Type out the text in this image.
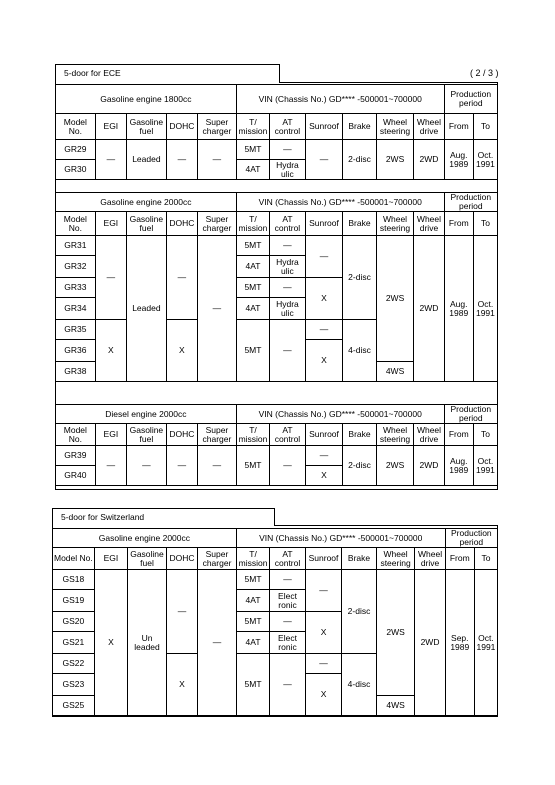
5-door for ECE	( 2 / 3 )
Gasoline engine 1800cc					VIN (Chassis No.) GD**** -500001~700000						Production period	

Model No.	EGI	Gasoline fuel	DOHC	Super charger	T/ mission	AT control	Sunroof	Brake	Wheel steering	Wheel drive	From	To
GR29	—	Leaded	—	—	5MT	—	—	2-disc	2WS	2WD	Aug. 1989	Oct. 1991
GR30					4AT	Hydra ulic						
Gasoline engine 2000cc					VIN (Chassis No.) GD**** -500001~700000						Production period	
Model No.	EGI	Gasoline fuel	DOHC	Super charger	T/ mission	AT control	Sunroof	Brake	Wheel steering	Wheel drive	From	To
GR31	—	Leaded	—	—	5MT	—	—	2-disc	2WS	2WD	Aug. 1989	Oct. 1991
GR32					4AT	Hydra ulic						
GR33					5MT	—	X					
GR34					4AT	Hydra ulic						
GR35	X		X		5MT	—	—	4-disc				
GR36							X					
GR38									4WS			
Diesel engine 2000cc					VIN (Chassis No.) GD**** -500001~700000						Production period	
Model No.	EGI	Gasoline fuel	DOHC	Super charger	T/ mission	AT control	Sunroof	Brake	Wheel steering	Wheel drive	From	To
GR39	—	—	—	—	5MT	—	—	2-disc	2WS	2WD	Aug. 1989	Oct. 1991
GR40							X					
5-door for Switzerland
Gasoline engine 2000cc					VIN (Chassis No.) GD**** -500001~700000						Production period	
Model No.	EGI	Gasoline fuel	DOHC	Super charger	T/ mission	AT control	Sunroof	Brake	Wheel steering	Wheel drive	From	To
GS18	X	Un leaded	—	—	5MT	—	—	2-disc	2WS	2WD	Sep. 1989	Oct. 1991
GS19					4AT	Elect ronic						
GS20					5MT	—	X					
GS21					4AT	Elect ronic						
GS22			X		5MT	—	—	4-disc				
GS23							X					
GS25									4WS			
